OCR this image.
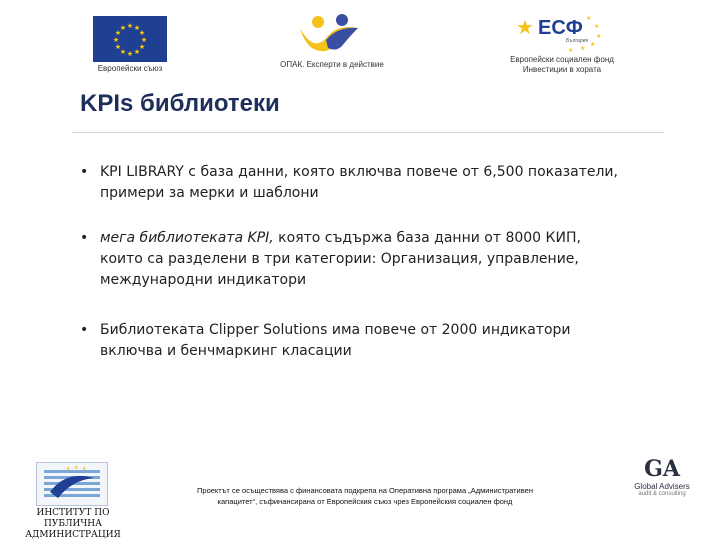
★ ★
★
★
★
★
★
★
★
★
★
★
Европейски съюз	ОПАК. Експерти в действие
★	★
★
★
★
★
★
ЕСФ
България
Европейски социален фонд
Инвестиции в хората
KPIs библиотеки
• KPI LIBRARY с база данни, която включва повече от 6,500 показатели, примери за мерки и шаблони
• мега библиотеката KPI, която съдържа база данни от 8000 КИП, които са разделени в три категории: Организация, управление, международни индикатори
• Библиотеката Clipper Solutions има повече от 2000 индикатори включва и бенчмаркинг класации
★ ★ ★
ИНСТИТУТ ПО ПУБЛИЧНА
АДМИНИСТРАЦИЯ
Проектът се осъществява с финансовата подкрепа на Оперативна програма „Административен
капацитет“, съфинансирана от Европейския съюз чрез Европейския социален фонд
GA
Global Advisers
audit & consulting
